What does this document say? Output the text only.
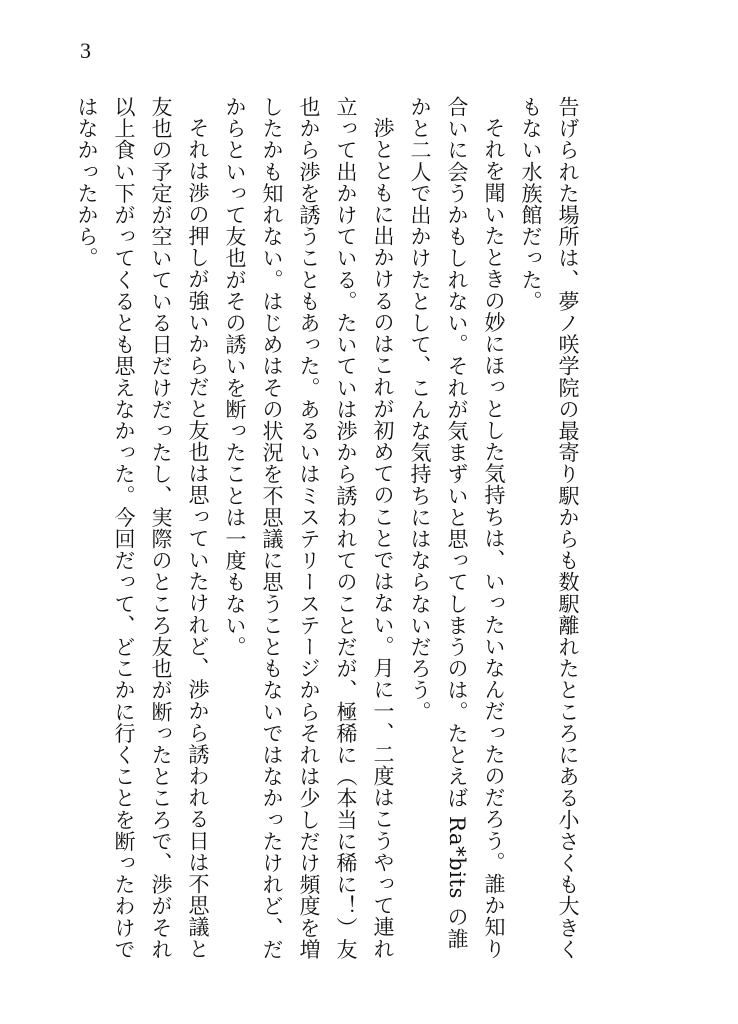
3

告げられた場所は、夢ノ咲学院の最寄り駅からも数駅離れたところにある小さくも大きくもない水族館だった。

それを聞いたときの妙にほっとした気持ちは、いったいなんだったのだろう。誰か知り合いに会うかもしれない。それが気まずいと思ってしまうのは。たとえば Ra*bits の誰かと二人で出かけたとして、こんな気持ちにはならないだろう。

渉とともに出かけるのはこれが初めてのことではない。月に一、二度はこうやって連れ立って出かけている。たいていは渉から誘われてのことだが、極稀に（本当に稀に！）友也から渉を誘うこともあった。あるいはミステリーステージからそれは少しだけ頻度を増したかも知れない。はじめはその状況を不思議に思うこともないではなかったけれど、だからといって友也がその誘いを断ったことは一度もない。

それは渉の押しが強いからだと友也は思っていたけれど、渉から誘われる日は不思議と友也の予定が空いている日だけだったし、実際のところ友也が断ったところで、渉がそれ以上食い下がってくるとも思えなかった。今回だって、どこかに行くことを断ったわけではなかったから。
